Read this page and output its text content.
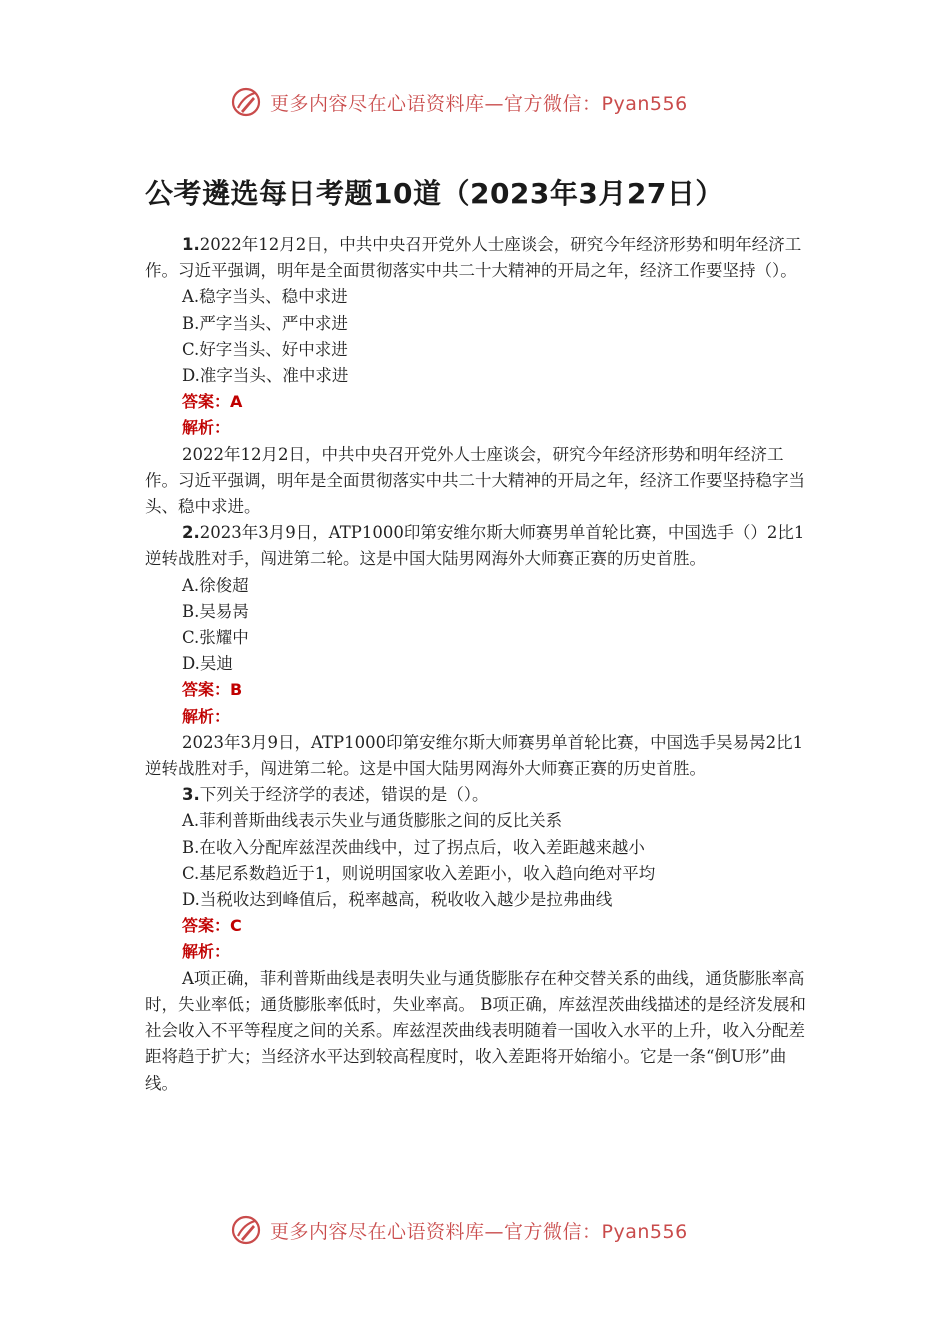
更多内容尽在心语资料库—官方微信：Pyan556
公考遴选每日考题10道（2023年3月27日）

1.2022年12月2日，中共中央召开党外人士座谈会，研究今年经济形势和明年经济工作。习近平强调，明年是全面贯彻落实中共二十大精神的开局之年，经济工作要坚持（）。

A.稳字当头、稳中求进

B.严字当头、严中求进

C.好字当头、好中求进

D.准字当头、准中求进

答案：A

解析：

2022年12月2日，中共中央召开党外人士座谈会，研究今年经济形势和明年经济工作。习近平强调，明年是全面贯彻落实中共二十大精神的开局之年，经济工作要坚持稳字当头、稳中求进。

2.2023年3月9日，ATP1000印第安维尔斯大师赛男单首轮比赛，中国选手（）2比1逆转战胜对手，闯进第二轮。这是中国大陆男网海外大师赛正赛的历史首胜。

A.徐俊超

B.吴易昺

C.张耀中

D.吴迪

答案：B

解析：

2023年3月9日，ATP1000印第安维尔斯大师赛男单首轮比赛，中国选手吴易昺2比1逆转战胜对手，闯进第二轮。这是中国大陆男网海外大师赛正赛的历史首胜。

3.下列关于经济学的表述，错误的是（）。

A.菲利普斯曲线表示失业与通货膨胀之间的反比关系

B.在收入分配库兹涅茨曲线中，过了拐点后，收入差距越来越小

C.基尼系数趋近于1，则说明国家收入差距小，收入趋向绝对平均

D.当税收达到峰值后，税率越高，税收收入越少是拉弗曲线

答案：C

解析：

A项正确，菲利普斯曲线是表明失业与通货膨胀存在种交替关系的曲线，通货膨胀率高时，失业率低；通货膨胀率低时，失业率高。 B项正确，库兹涅茨曲线描述的是经济发展和社会收入不平等程度之间的关系。库兹涅茨曲线表明随着一国收入水平的上升，收入分配差距将趋于扩大；当经济水平达到较高程度时，收入差距将开始缩小。它是一条“倒U形”曲线。

更多内容尽在心语资料库—官方微信：Pyan556
